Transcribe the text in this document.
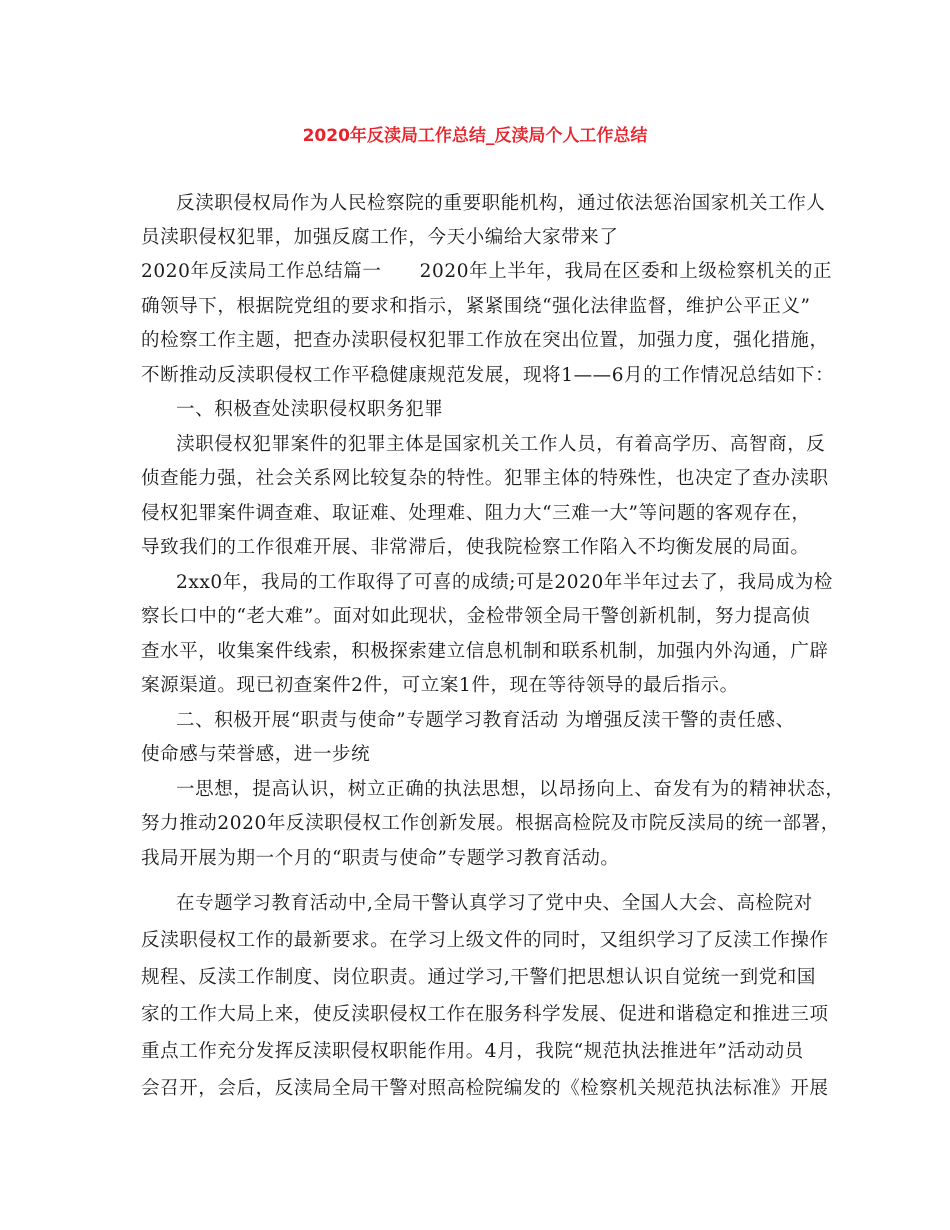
2020年反渎局工作总结_反渎局个人工作总结
反渎职侵权局作为人民检察院的重要职能机构，通过依法惩治国家机关工作人
员渎职侵权犯罪，加强反腐工作，今天小编给大家带来了
2020年反渎局工作总结篇一　　2020年上半年，我局在区委和上级检察机关的正
确领导下，根据院党组的要求和指示，紧紧围绕“强化法律监督，维护公平正义”
的检察工作主题，把查办渎职侵权犯罪工作放在突出位置，加强力度，强化措施，
不断推动反渎职侵权工作平稳健康规范发展，现将1——6月的工作情况总结如下：
一、积极查处渎职侵权职务犯罪
渎职侵权犯罪案件的犯罪主体是国家机关工作人员，有着高学历、高智商，反
侦查能力强，社会关系网比较复杂的特性。犯罪主体的特殊性，也决定了查办渎职
侵权犯罪案件调查难、取证难、处理难、阻力大“三难一大”等问题的客观存在，
导致我们的工作很难开展、非常滞后，使我院检察工作陷入不均衡发展的局面。
2xx0年，我局的工作取得了可喜的成绩;可是2020年半年过去了，我局成为检
察长口中的“老大难”。面对如此现状，金检带领全局干警创新机制，努力提高侦
查水平，收集案件线索，积极探索建立信息机制和联系机制，加强内外沟通，广辟
案源渠道。现已初查案件2件，可立案1件，现在等待领导的最后指示。
二、积极开展“职责与使命”专题学习教育活动 为增强反渎干警的责任感、
使命感与荣誉感，进一步统
一思想，提高认识，树立正确的执法思想，以昂扬向上、奋发有为的精神状态，
努力推动2020年反渎职侵权工作创新发展。根据高检院及市院反渎局的统一部署，
我局开展为期一个月的“职责与使命”专题学习教育活动。
在专题学习教育活动中,全局干警认真学习了党中央、全国人大会、高检院对
反渎职侵权工作的最新要求。在学习上级文件的同时，又组织学习了反渎工作操作
规程、反渎工作制度、岗位职责。通过学习,干警们把思想认识自觉统一到党和国
家的工作大局上来，使反渎职侵权工作在服务科学发展、促进和谐稳定和推进三项
重点工作充分发挥反渎职侵权职能作用。4月，我院“规范执法推进年”活动动员
会召开，会后，反渎局全局干警对照高检院编发的《检察机关规范执法标准》开展
